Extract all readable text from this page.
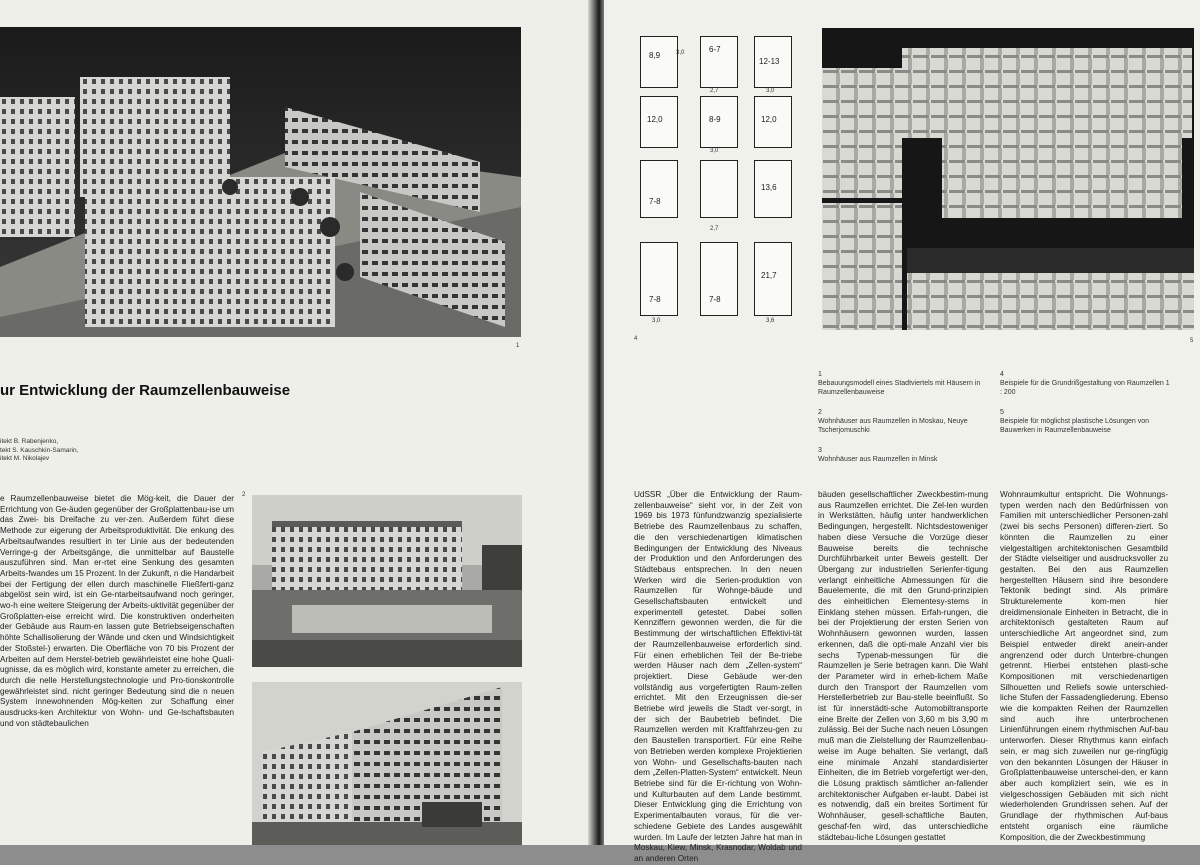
1
ur Entwicklung der Raumzellenbauweise
itekt B. Rabenjenko,
tekt S. Kauschkin-Samarin,
itekt M. Nikolajev
e Raumzellenbauweise bietet die Mög-keit, die Dauer der Errichtung von Ge-äuden gegenüber der Großplattenbau-ise um das Zwei- bis Dreifache zu ver-zen. Außerdem führt diese Methode zur eigerung der Arbeitsproduktivität. Die enkung des Arbeitsaufwandes resultiert in ter Linie aus der bedeutenden Verringe-g der Arbeitsgänge, die unmittelbar auf Baustelle auszuführen sind. Man er-rtet eine Senkung des gesamten Arbeits-fwandes um 15 Prozent. In der Zukunft, n die Handarbeit bei der Fertigung der ellen durch maschinelle Fließferti-ganz abgelöst sein wird, ist ein Ge-ntarbeitsaufwand noch geringer, wo-h eine weitere Steigerung der Arbeits-uktivität gegenüber der Großplatten-eise erreicht wird. Die konstruktiven onderheiten der Gebäude aus Raum-en lassen gute Betriebseigenschaften höhte Schallisolierung der Wände und cken und Windsichtigkeit der Stoßstel-) erwarten. Die Oberfläche von 70 bis Prozent der Arbeiten auf dem Herstel-betrieb gewährleistet eine hohe Quali-ugnisse, da es möglich wird, konstante ameter zu erreichen, die durch die nelle Herstellungstechnologie und Pro-tionskontrolle gewährleistet sind. nicht geringer Bedeutung sind die n neuen System innewohnenden Mög-keiten zur Schaffung einer ausdrucks-ken Architektur von Wohn- und Ge-lschaftsbauten und von städtebaulichen
2
8,9
6-7
12-13
12,0	8-9	12,0
7-8
13,6
7-8	7-8
21,7
3,0
2,7	3,0
3,0
2,7
3,0	3,6
4	5
1
Bebauungsmodell eines Stadtviertels mit Häusern in Raumzellenbauweise
2
Wohnhäuser aus Raumzellen in Moskau, Neuye Tscherjomuschki
3
Wohnhäuser aus Raumzellen in Minsk
4
Beispiele für die Grundrißgestaltung von Raumzellen 1 : 200
5
Beispiele für möglichst plastische Lösungen von Bauwerken in Raumzellenbauweise
UdSSR „Über die Entwicklung der Raum-zellenbauweise“ sieht vor, in der Zeit von 1969 bis 1973 fünfundzwanzig spezialisierte Betriebe des Raumzellenbaus zu schaffen, die den verschiedenartigen klimatischen Bedingungen der Entwicklung des Niveaus der Produktion und den Anforderungen des Städtebaus entsprechen. In den neuen Werken wird die Serien-produktion von Raumzellen für Wohnge-bäude und Gesellschaftsbauten entwickelt und experimentell getestet. Dabei sollen Kennziffern gewonnen werden, die für die Bestimmung der wirtschaftlichen Effektivi-tät der Raumzellenbauweise erforderlich sind. Für einen erheblichen Teil der Be-triebe werden Häuser nach dem „Zellen-system“ projektiert. Diese Gebäude wer-den vollständig aus vorgefertigten Raum-zellen errichtet. Mit den Erzeugnissen die-ser Betriebe wird jeweils die Stadt ver-sorgt, in der sich der Baubetrieb befindet. Die Raumzellen werden mit Kraftfahrzeu-gen zu den Baustellen transportiert. Für eine Reihe von Betrieben werden komplexe Projektierien von Wohn- und Gesellschafts-bauten nach dem „Zellen-Platten-System“ entwickelt. Neun Betriebe sind für die Er-richtung von Wohn- und Kulturbauten auf dem Lande bestimmt. Dieser Entwicklung ging die Errichtung von Experimentalbauten voraus, für die ver-schiedene Gebiete des Landes ausgewählt wurden. Im Laufe der letzten Jahre hat man in Moskau, Kiew, Minsk, Krasnodar, Woldab und an anderen Orten
bäuden gesellschaftlicher Zweckbestim-mung aus Raumzellen errichtet. Die Zel-len wurden in Werkstätten, häufig unter handwerklichen Bedingungen, hergestellt. Nichtsdestoweniger haben diese Versuche die Vorzüge dieser Bauweise bereits die technische Durchführbarkeit unter Beweis gestellt. Der Übergang zur industriellen Serienfer-tigung verlangt einheitliche Abmessungen für die Bauelemente, die mit den Grund-prinzipien des einheitlichen Elementesy-stems in Einklang stehen müssen. Erfah-rungen, die bei der Projektierung der ersten Serien von Wohnhäusern gewonnen wurden, lassen erkennen, daß die opti-male Anzahl vier bis sechs Typenab-messungen für die Raumzellen je Serie betragen kann. Die Wahl der Parameter wird in erheb-lichem Maße durch den Transport der Raumzellen vom Herstellerbetrieb zur Bau-stelle beeinflußt. So ist für innerstädti-sche Automobiltransporte eine Breite der Zellen von 3,60 m bis 3,90 m zulässig. Bei der Suche nach neuen Lösungen muß man die Zielstellung der Raumzellenbau-weise im Auge behalten. Sie verlangt, daß eine minimale Anzahl standardisierter Einheiten, die im Betrieb vorgefertigt wer-den, die Lösung praktisch sämtlicher an-fallender architektonischer Aufgaben er-laubt. Dabei ist es notwendig, daß ein breites Sortiment für Wohnhäuser, gesell-schaftliche Bauten, geschaf-fen wird, das unterschiedliche städtebau-liche Lösungen gestattet
Wohnraumkultur entspricht. Die Wohnungs-typen werden nach den Bedürfnissen von Familien mit unterschiedlicher Personen-zahl (zwei bis sechs Personen) differen-ziert. So könnten die Raumzellen zu einer vielgestaltigen architektonischen Gesamtbild der Städte vielseitiger und ausdrucksvoller zu gestalten. Bei den aus Raumzellen hergestellten Häusern sind ihre besondere Tektonik bedingt sind. Als primäre Strukturelemente kom-men hier dreidimensionale Einheiten in Betracht, die in architektonisch gestalteten Raum auf unterschiedliche Art angeordnet sind, zum Beispiel entweder direkt anein-ander angrenzend oder durch Unterbre-chungen getrennt. Hierbei entstehen plasti-sche Kompositionen mit verschiedenartigen Silhouetten und Reliefs sowie unterschied-liche Stufen der Fassadengliederung. Ebenso wie die kompakten Reihen der Raumzellen sind auch ihre unterbrochenen Linienführungen einem rhythmischen Auf-bau unterworfen. Dieser Rhythmus kann einfach sein, er mag sich zuweilen nur ge-ringfügig von den bekannten Lösungen der Häuser in Großplattenbauweise unterschei-den, er kann aber auch kompliziert sein, wie es in vielgeschossigen Gebäuden mit sich nicht wiederholenden Grundrissen sehen. Auf der Grundlage der rhythmischen Auf-baus entsteht organisch eine räumliche Komposition, die der Zweckbestimmung
